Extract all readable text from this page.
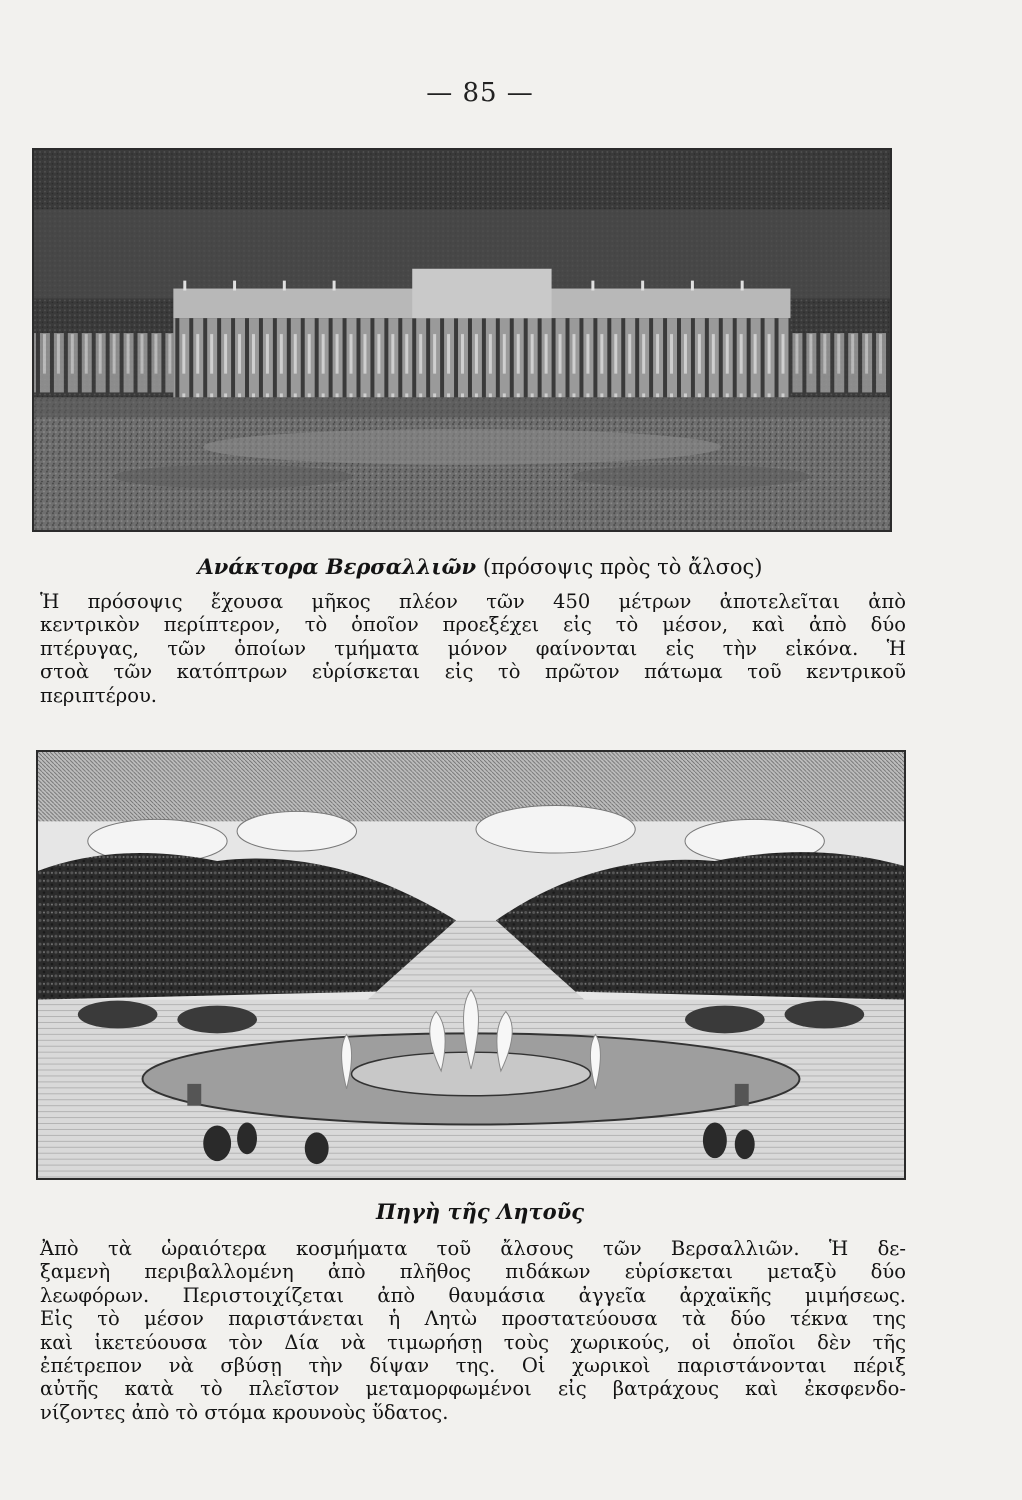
— 85 —
Ανάκτορα Βερσαλλιῶν (πρόσοψις πρὸς τὸ ἄλσος)
Ἡ πρόσοψις ἔχουσα μῆκος πλέον τῶν 450 μέτρων ἀποτελεῖται ἀπὸ
κεντρικὸν περίπτερον, τὸ ὁποῖον προεξέχει εἰς τὸ μέσον, καὶ ἀπὸ δύο
πτέρυγας, τῶν ὁποίων τμήματα μόνον φαίνονται εἰς τὴν εἰκόνα. Ἡ
στοὰ τῶν κατόπτρων εὑρίσκεται εἰς τὸ πρῶτον πάτωμα τοῦ κεντρικοῦ
περιπτέρου.
Πηγὴ τῆς Λητοῦς
Ἀπὸ τὰ ὡραιότερα κοσμήματα τοῦ ἄλσους τῶν Βερσαλλιῶν. Ἡ δε-
ξαμενὴ περιβαλλομένη ἀπὸ πλῆθος πιδάκων εὑρίσκεται μεταξὺ δύο
λεωφόρων. Περιστοιχίζεται ἀπὸ θαυμάσια ἀγγεῖα ἀρχαϊκῆς μιμήσεως.
Εἰς τὸ μέσον παριστάνεται ἡ Λητὼ προστατεύουσα τὰ δύο τέκνα της
καὶ ἱκετεύουσα τὸν Δία νὰ τιμωρήσῃ τοὺς χωρικούς, οἱ ὁποῖοι δὲν τῆς
ἐπέτρεπον νὰ σβύσῃ τὴν δίψαν της. Οἱ χωρικοὶ παριστάνονται πέριξ
αὐτῆς κατὰ τὸ πλεῖστον μεταμορφωμένοι εἰς βατράχους καὶ ἐκσφενδο-
νίζοντες ἀπὸ τὸ στόμα κρουνοὺς ὕδατος.
